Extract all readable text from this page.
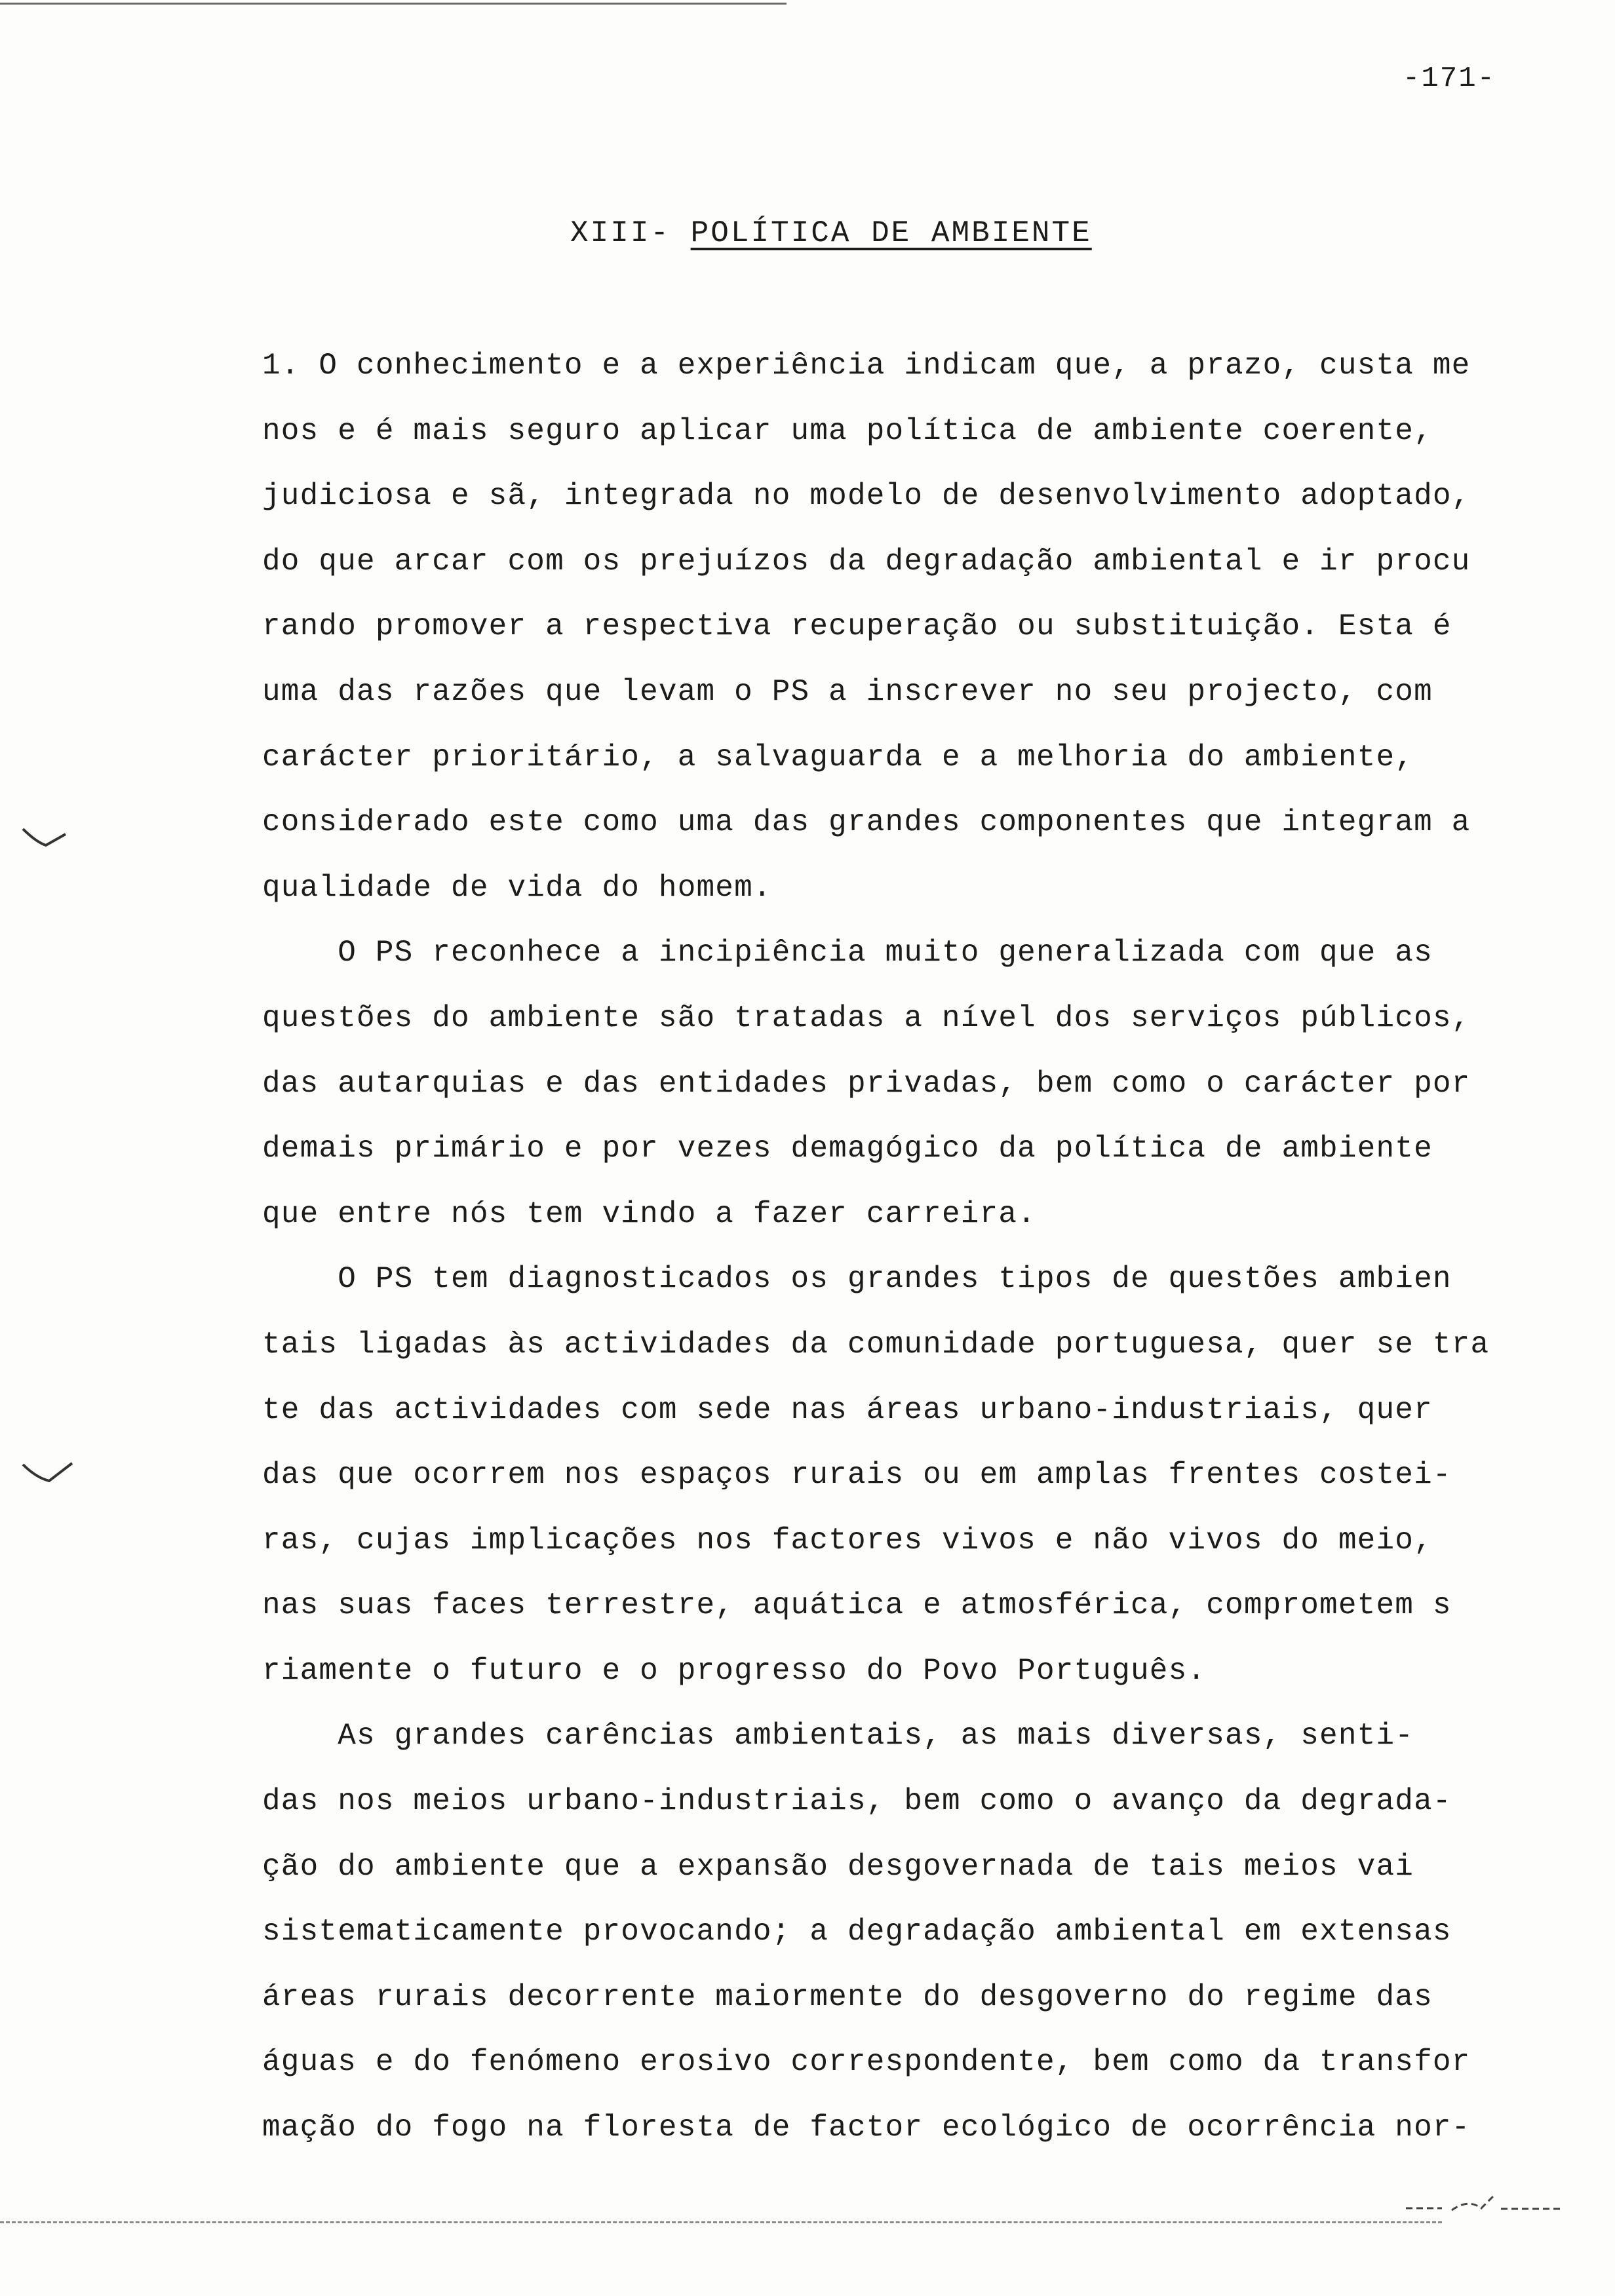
-171-
XIII- POLÍTICA DE AMBIENTE
1. O conhecimento e a experiência indicam que, a prazo, custa me
nos e é mais seguro aplicar uma política de ambiente coerente,
judiciosa e sã, integrada no modelo de desenvolvimento adoptado,
do que arcar com os prejuízos da degradação ambiental e ir procu
rando promover a respectiva recuperação ou substituição. Esta é
uma das razões que levam o PS a inscrever no seu projecto, com
carácter prioritário, a salvaguarda e a melhoria do ambiente,
considerado este como uma das grandes componentes que integram a
qualidade de vida do homem.
O PS reconhece a incipiência muito generalizada com que as
questões do ambiente são tratadas a nível dos serviços públicos,
das autarquias e das entidades privadas, bem como o carácter por
demais primário e por vezes demagógico da política de ambiente
que entre nós tem vindo a fazer carreira.
O PS tem diagnosticados os grandes tipos de questões ambien
tais ligadas às actividades da comunidade portuguesa, quer se tra
te das actividades com sede nas áreas urbano-industriais, quer
das que ocorrem nos espaços rurais ou em amplas frentes costei-
ras, cujas implicações nos factores vivos e não vivos do meio,
nas suas faces terrestre, aquática e atmosférica, comprometem s
riamente o futuro e o progresso do Povo Português.
As grandes carências ambientais, as mais diversas, senti-
das nos meios urbano-industriais, bem como o avanço da degrada-
ção do ambiente que a expansão desgovernada de tais meios vai
sistematicamente provocando; a degradação ambiental em extensas
áreas rurais decorrente maiormente do desgoverno do regime das
águas e do fenómeno erosivo correspondente, bem como da transfor
mação do fogo na floresta de factor ecológico de ocorrência nor-
